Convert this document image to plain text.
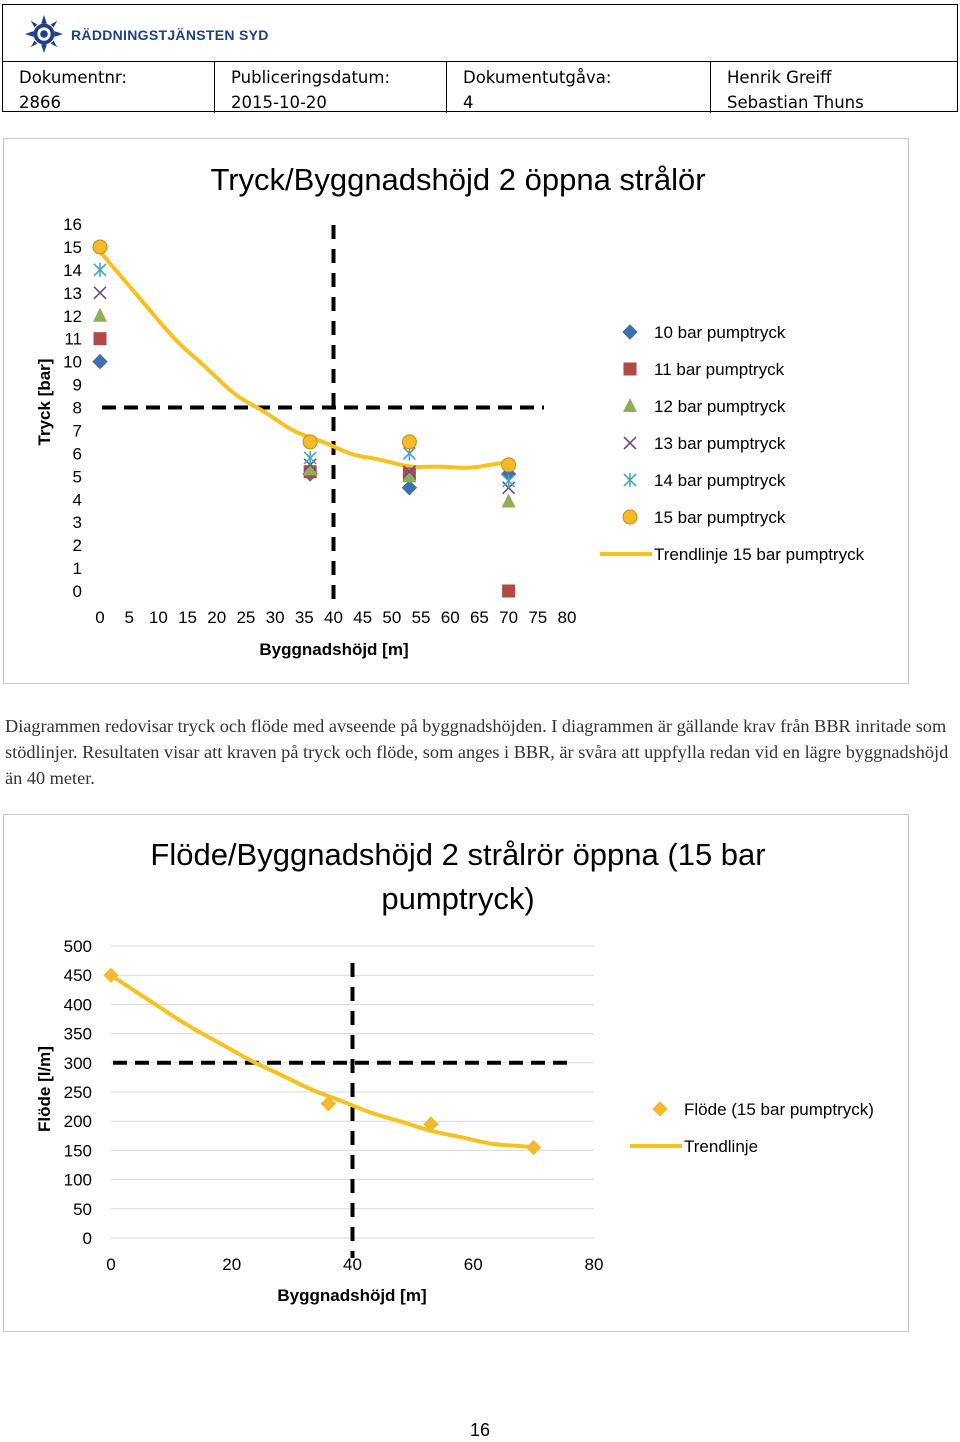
RÄDDNINGSTJÄNSTEN SYD
Dokumentnr:
2866
Publiceringsdatum:
2015-10-20
Dokumentutgåva:
4
Henrik Greiff
Sebastian Thuns
Tryck/Byggnadshöjd 2 öppna strålör
0
1
2
3
4
5
6
7
8
9
10
11
12
13
14
15
16
0 5 10 15 20 25 30 35 40 45 50 55 60 65 70 75 80
Tryck [bar]
Byggnadshöjd [m]
10 bar pumptryck
11 bar pumptryck
12 bar pumptryck
13 bar pumptryck
14 bar pumptryck
15 bar pumptryck
Trendlinje 15 bar pumptryck
Diagrammen redovisar tryck och flöde med avseende på byggnadshöjden. I diagrammen är gällande krav från BBR inritade som stödlinjer. Resultaten visar att kraven på tryck och flöde, som anges i BBR, är svåra att uppfylla redan vid en lägre byggnadshöjd än 40 meter.
Flöde/Byggnadshöjd 2 strålrör öppna (15 bar
pumptryck)
0
50
100
150
200
250
300
350
400
450
500
0	20	40	60	80
Flöde [l/m]
Byggnadshöjd [m]
Flöde (15 bar pumptryck)
Trendlinje
16
